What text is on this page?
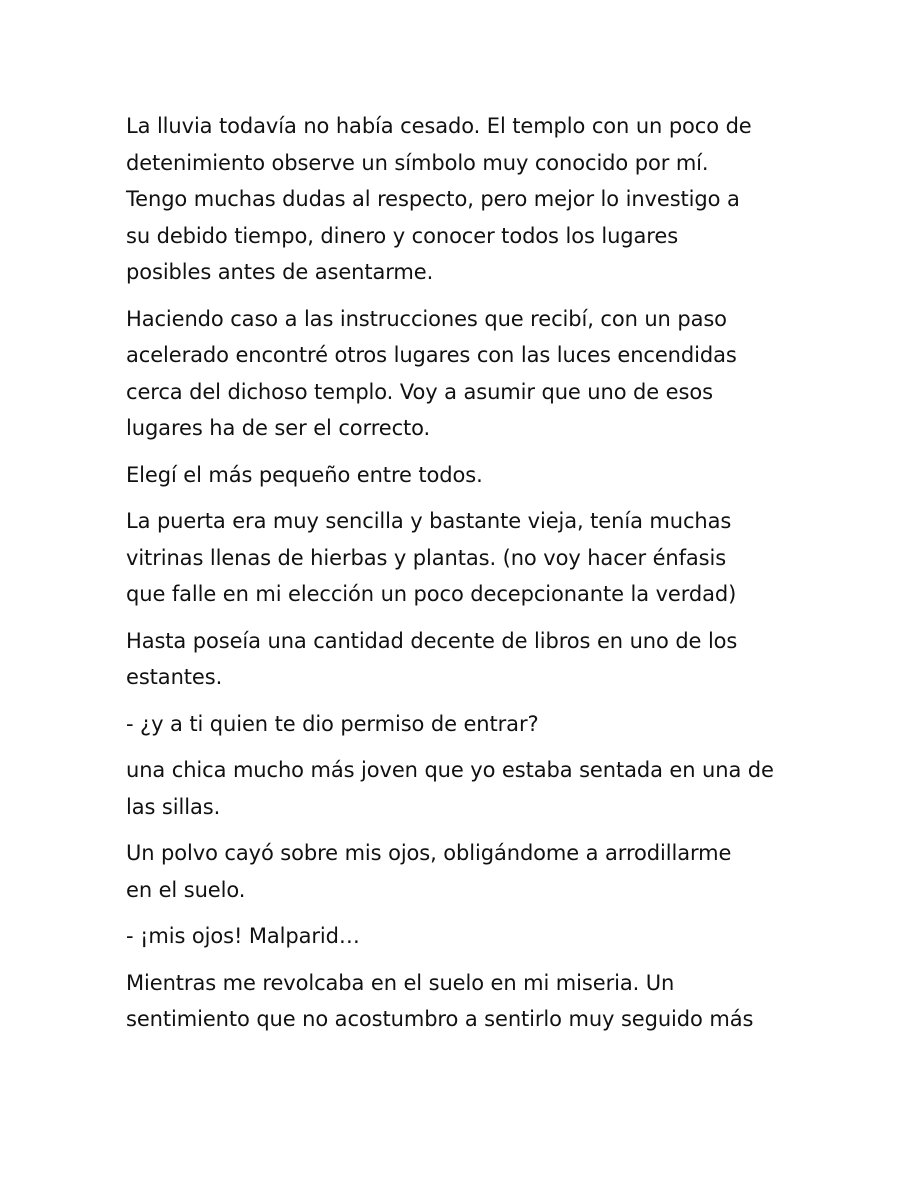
La lluvia todavía no había cesado. El templo con un poco de
detenimiento observe un símbolo muy conocido por mí.
Tengo muchas dudas al respecto, pero mejor lo investigo a
su debido tiempo, dinero y conocer todos los lugares
posibles antes de asentarme.

Haciendo caso a las instrucciones que recibí, con un paso
acelerado encontré otros lugares con las luces encendidas
cerca del dichoso templo. Voy a asumir que uno de esos
lugares ha de ser el correcto.

Elegí el más pequeño entre todos.

La puerta era muy sencilla y bastante vieja, tenía muchas
vitrinas llenas de hierbas y plantas. (no voy hacer énfasis
que falle en mi elección un poco decepcionante la verdad)

Hasta poseía una cantidad decente de libros en uno de los
estantes.

- ¿y a ti quien te dio permiso de entrar?

una chica mucho más joven que yo estaba sentada en una de
las sillas.

Un polvo cayó sobre mis ojos, obligándome a arrodillarme
en el suelo.

- ¡mis ojos! Malparid…

Mientras me revolcaba en el suelo en mi miseria. Un
sentimiento que no acostumbro a sentirlo muy seguido más
